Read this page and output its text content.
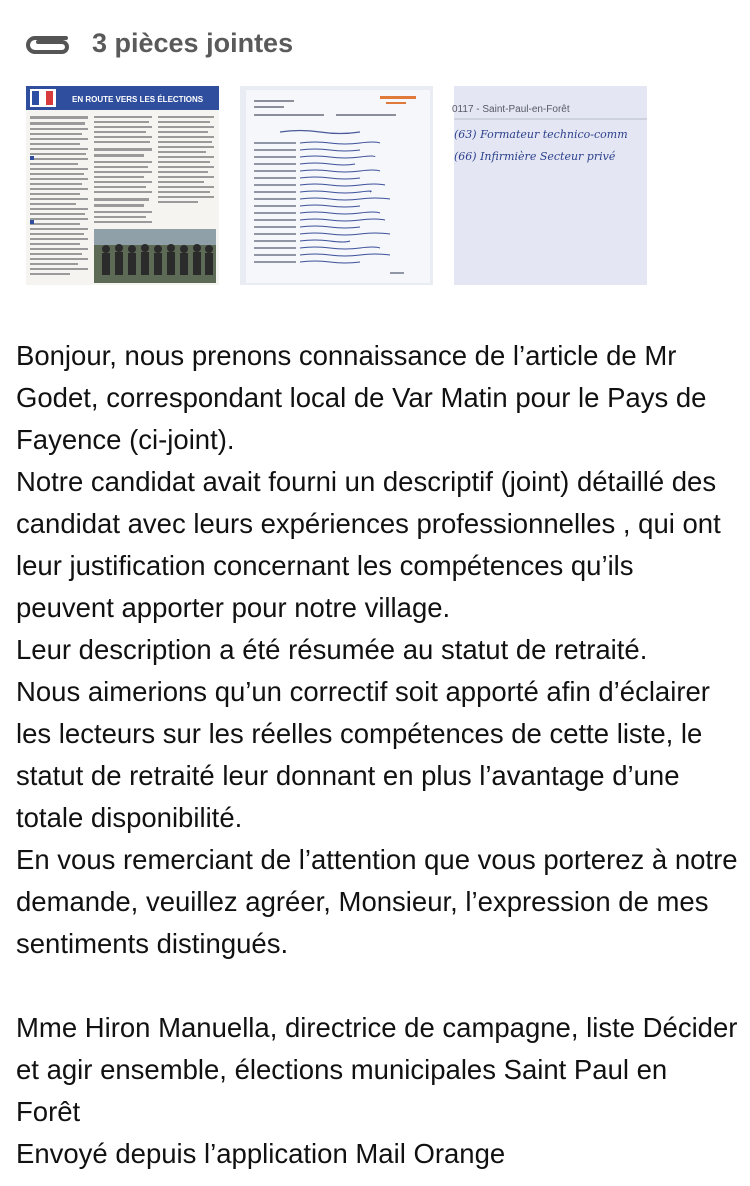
3 pièces jointes
EN ROUTE VERS LES ÉLECTIONS
0117 - Saint-Paul-en-Forêt
(63) Formateur technico-comm
(66) Infirmière Secteur privé

Bonjour, nous prenons connaissance de l’article de Mr Godet, correspondant local de Var Matin pour le Pays de Fayence (ci-joint).

Notre candidat avait fourni un descriptif (joint) détaillé des candidat avec leurs expériences professionnelles , qui ont leur justification concernant les compétences qu’ils peuvent apporter pour notre village.

Leur description a été résumée au statut de retraité.

Nous aimerions qu’un correctif soit apporté afin d’éclairer les lecteurs sur les réelles compétences de cette liste, le statut de retraité leur donnant en plus l’avantage d’une totale disponibilité.

En vous remerciant de l’attention que vous porterez à notre demande, veuillez agréer, Monsieur, l’expression de mes sentiments distingués.

Mme Hiron Manuella, directrice de campagne, liste Décider et agir ensemble, élections municipales Saint Paul en Forêt

Envoyé depuis l’application Mail Orange
